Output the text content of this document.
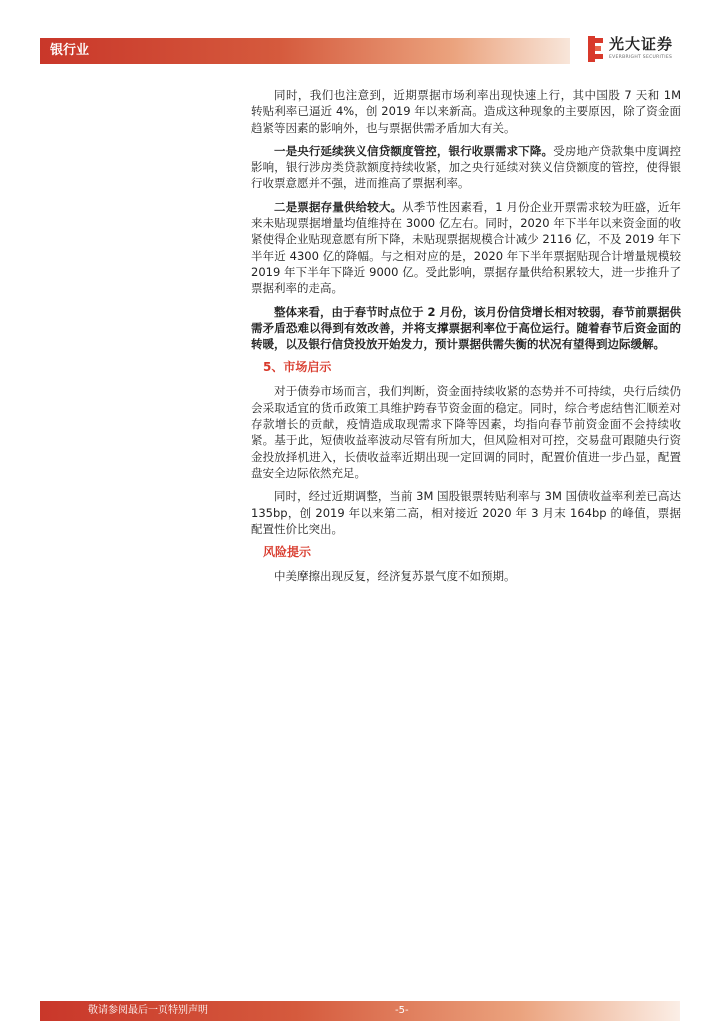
银行业	光大证券
EVERBRIGHT SECURITIES

同时，我们也注意到，近期票据市场利率出现快速上行，其中国股 7 天和 1M 转贴利率已逼近 4%，创 2019 年以来新高。造成这种现象的主要原因，除了资金面趋紧等因素的影响外，也与票据供需矛盾加大有关。

一是央行延续狭义信贷额度管控，银行收票需求下降。受房地产贷款集中度调控影响，银行涉房类贷款额度持续收紧，加之央行延续对狭义信贷额度的管控，使得银行收票意愿并不强，进而推高了票据利率。

二是票据存量供给较大。从季节性因素看，1 月份企业开票需求较为旺盛，近年来未贴现票据增量均值维持在 3000 亿左右。同时，2020 年下半年以来资金面的收紧使得企业贴现意愿有所下降，未贴现票据规模合计减少 2116 亿，不及 2019 年下半年近 4300 亿的降幅。与之相对应的是，2020 年下半年票据贴现合计增量规模较 2019 年下半年下降近 9000 亿。受此影响，票据存量供给积累较大，进一步推升了票据利率的走高。

整体来看，由于春节时点位于 2 月份，该月份信贷增长相对较弱，春节前票据供需矛盾恐难以得到有效改善，并将支撑票据利率位于高位运行。随着春节后资金面的转暖，以及银行信贷投放开始发力，预计票据供需失衡的状况有望得到边际缓解。

5、市场启示

对于债券市场而言，我们判断，资金面持续收紧的态势并不可持续，央行后续仍会采取适宜的货币政策工具维护跨春节资金面的稳定。同时，综合考虑结售汇顺差对存款增长的贡献，疫情造成取现需求下降等因素，均指向春节前资金面不会持续收紧。基于此，短债收益率波动尽管有所加大，但风险相对可控，交易盘可跟随央行资金投放择机进入，长债收益率近期出现一定回调的同时，配置价值进一步凸显，配置盘安全边际依然充足。

同时，经过近期调整，当前 3M 国股银票转贴利率与 3M 国债收益率利差已高达 135bp，创 2019 年以来第二高，相对接近 2020 年 3 月末 164bp 的峰值，票据配置性价比突出。

风险提示

中美摩擦出现反复，经济复苏景气度不如预期。

敬请参阅最后一页特别声明	-5-
